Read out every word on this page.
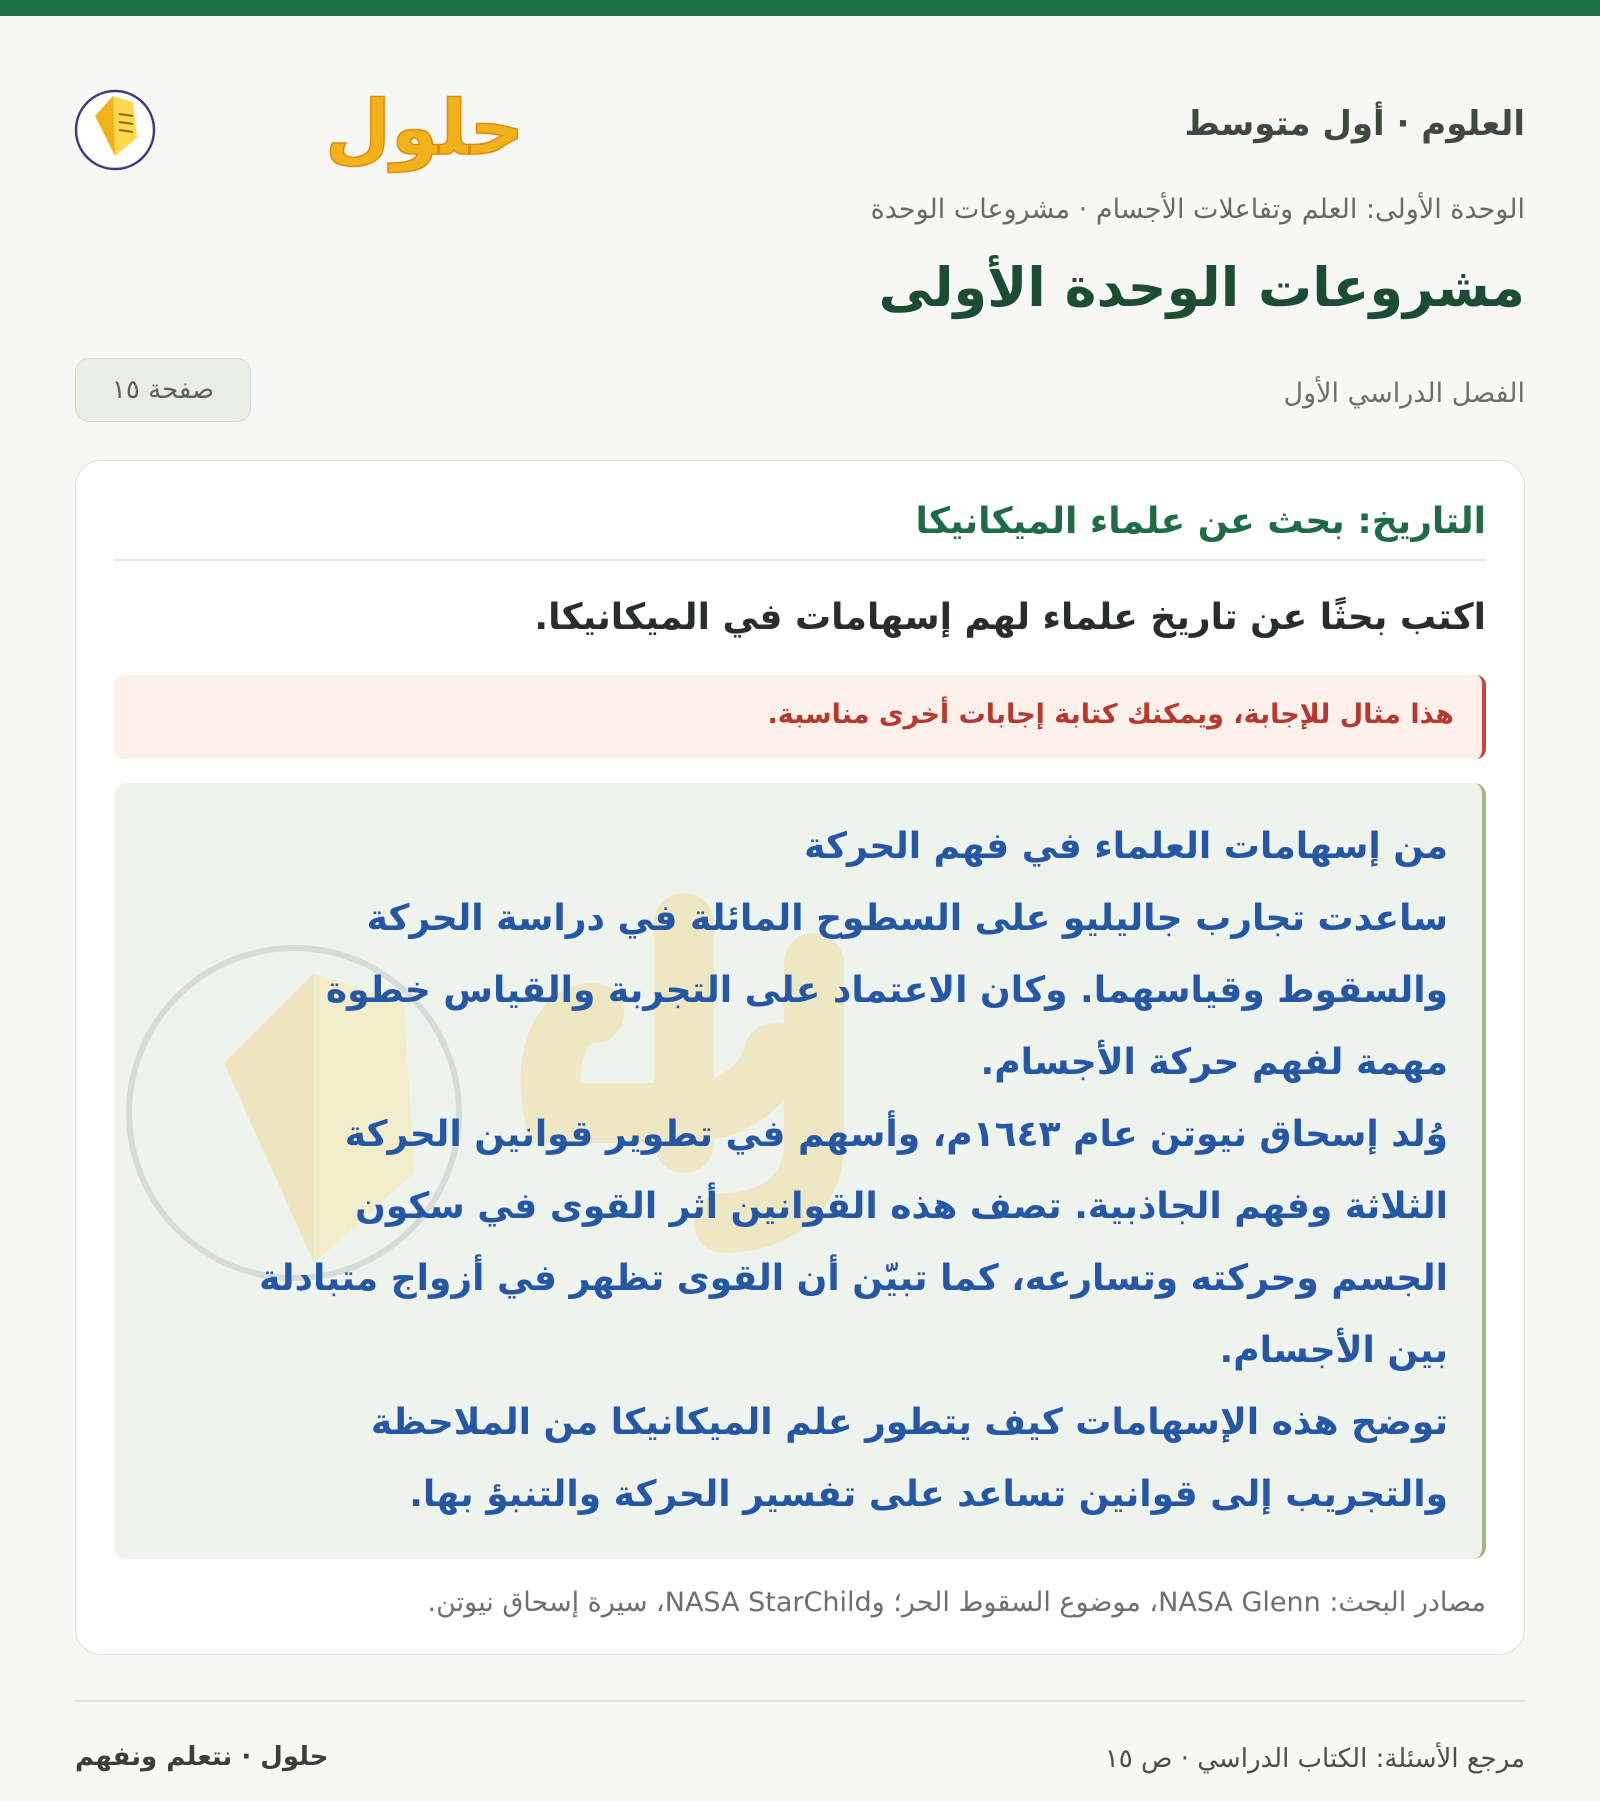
العلوم · أول متوسط

حلول

الوحدة الأولى: العلم وتفاعلات الأجسام · مشروعات الوحدة

مشروعات الوحدة الأولى

الفصل الدراسي الأول

صفحة ١٥
التاريخ: بحث عن علماء الميكانيكا

اكتب بحثًا عن تاريخ علماء لهم إسهامات في الميكانيكا.

هذا مثال للإجابة، ويمكنك كتابة إجابات أخرى مناسبة.

من إسهامات العلماء في فهم الحركة
ساعدت تجارب جاليليو على السطوح المائلة في دراسة الحركة
والسقوط وقياسهما. وكان الاعتماد على التجربة والقياس خطوة
مهمة لفهم حركة الأجسام.
وُلد إسحاق نيوتن عام ١٦٤٣م، وأسهم في تطوير قوانين الحركة
الثلاثة وفهم الجاذبية. تصف هذه القوانين أثر القوى في سكون
الجسم وحركته وتسارعه، كما تبيّن أن القوى تظهر في أزواج متبادلة
بين الأجسام.
توضح هذه الإسهامات كيف يتطور علم الميكانيكا من الملاحظة
والتجريب إلى قوانين تساعد على تفسير الحركة والتنبؤ بها.

مصادر البحث: NASA Glenn، موضوع السقوط الحر؛ وNASA StarChild، سيرة إسحاق نيوتن.

مرجع الأسئلة: الكتاب الدراسي · ص ١٥

حلول · نتعلم ونفهم
